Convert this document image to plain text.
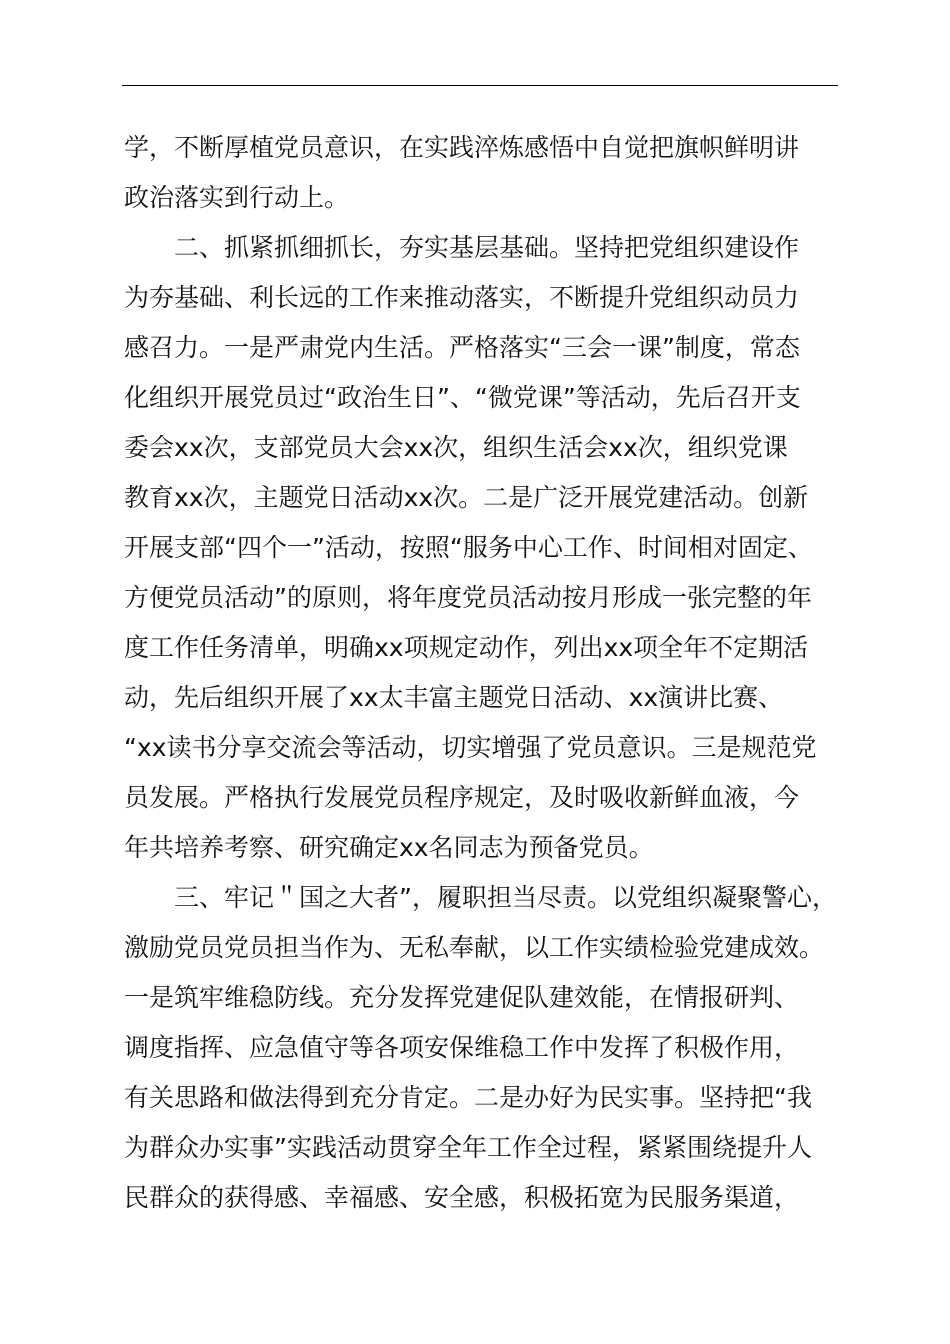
学，不断厚植党员意识，在实践淬炼感悟中自觉把旗帜鲜明讲
政治落实到行动上。
　　二、抓紧抓细抓长，夯实基层基础。坚持把党组织建设作
为夯基础、利长远的工作来推动落实，不断提升党组织动员力
感召力。一是严肃党内生活。严格落实“三会一课”制度，常态
化组织开展党员过“政治生日”、“微党课”等活动，先后召开支
委会xx次，支部党员大会xx次，组织生活会xx次，组织党课
教育xx次，主题党日活动xx次。二是广泛开展党建活动。创新
开展支部“四个一”活动，按照“服务中心工作、时间相对固定、
方便党员活动”的原则，将年度党员活动按月形成一张完整的年
度工作任务清单，明确xx项规定动作，列出xx项全年不定期活
动，先后组织开展了xx太丰富主题党日活动、xx演讲比赛、
“xx读书分享交流会等活动，切实增强了党员意识。三是规范党
员发展。严格执行发展党员程序规定，及时吸收新鲜血液，今
年共培养考察、研究确定xx名同志为预备党员。
　　三、牢记＂国之大者”，履职担当尽责。以党组织凝聚警心，
激励党员党员担当作为、无私奉献，以工作实绩检验党建成效。
一是筑牢维稳防线。充分发挥党建促队建效能，在情报研判、
调度指挥、应急值守等各项安保维稳工作中发挥了积极作用，
有关思路和做法得到充分肯定。二是办好为民实事。坚持把“我
为群众办实事”实践活动贯穿全年工作全过程，紧紧围绕提升人
民群众的获得感、幸福感、安全感，积极拓宽为民服务渠道，
